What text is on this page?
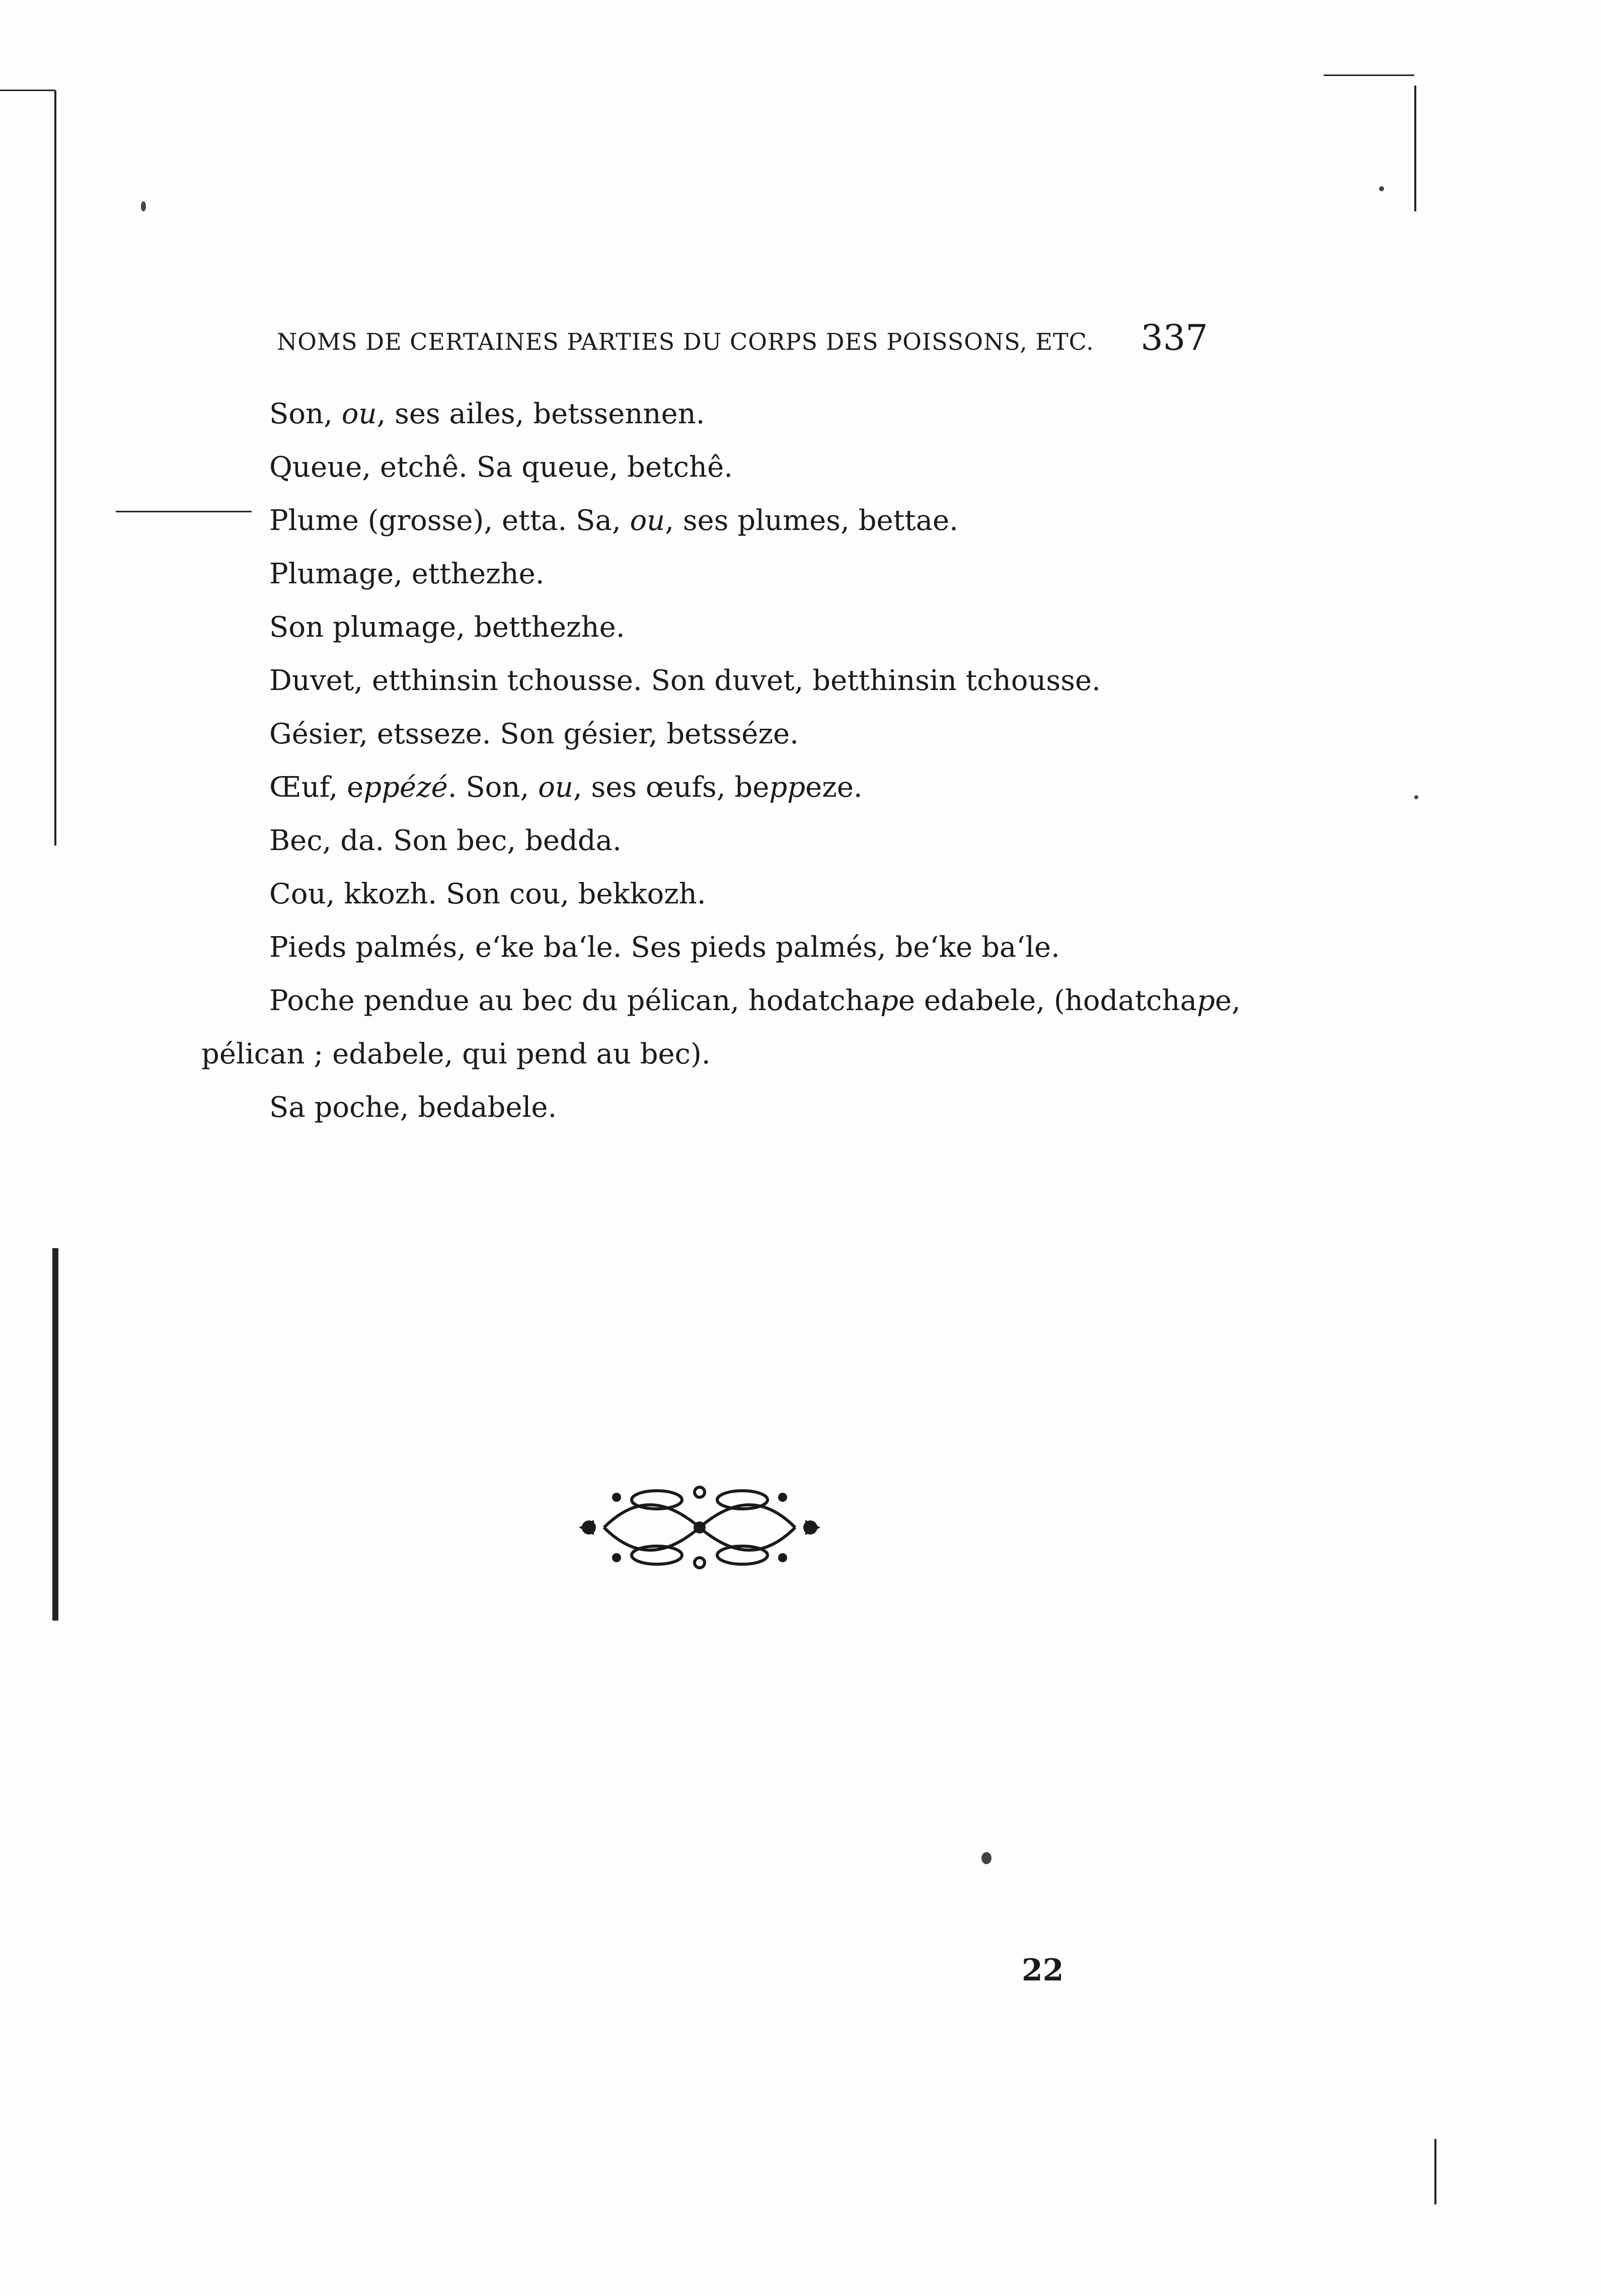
NOMS DE CERTAINES PARTIES DU CORPS DES POISSONS, ETC. 337
Son, ou, ses ailes, betssennen.
Queue, etchê. Sa queue, betchê.
Plume (grosse), etta. Sa, ou, ses plumes, bettae.
Plumage, etthezhe.
Son plumage, betthezhe.
Duvet, etthinsin tchousse. Son duvet, betthinsin tchousse.
Gésier, etsseze. Son gésier, betsséze.
Œuf, eppézé. Son, ou, ses œufs, beppeze.
Bec, da. Son bec, bedda.
Cou, kkozh. Son cou, bekkozh.
Pieds palmés, e‘ke ba‘le. Ses pieds palmés, be‘ke ba‘le.
Poche pendue au bec du pélican, hodatchape edabele, (hodatchape,
pélican ; edabele, qui pend au bec).
Sa poche, bedabele.
22
